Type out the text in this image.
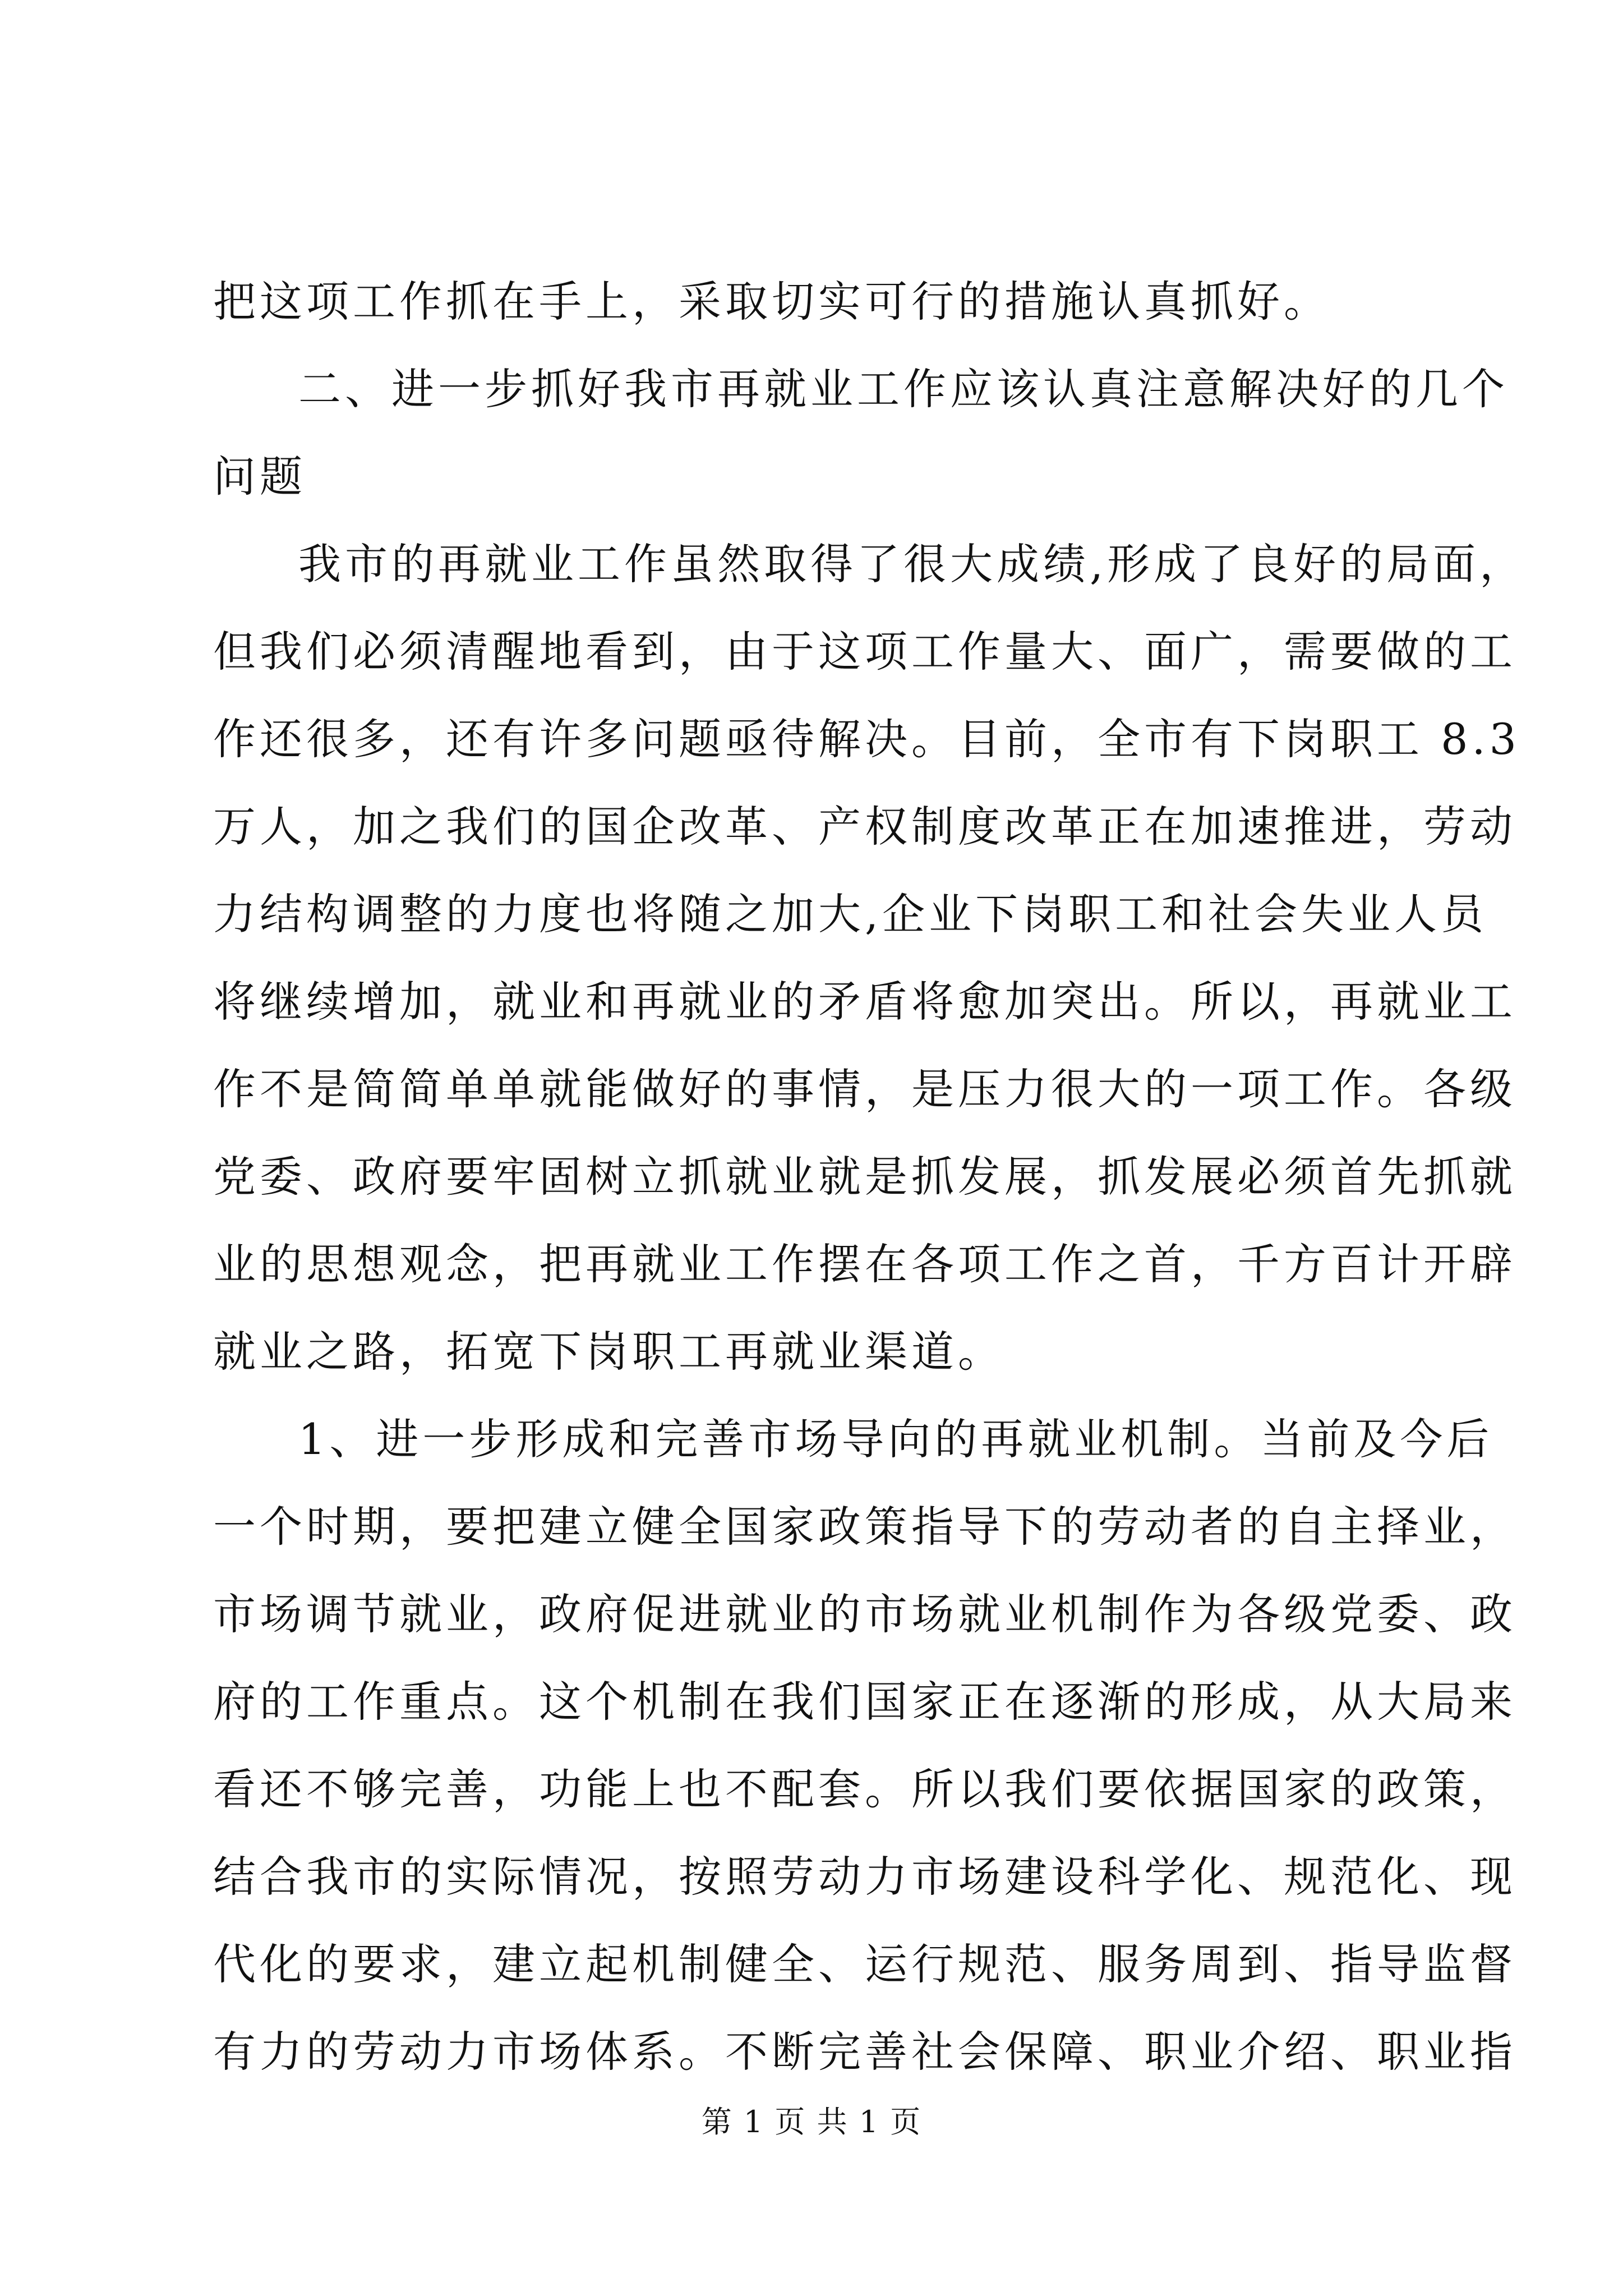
把这项工作抓在手上，采取切实可行的措施认真抓好。
二、进一步抓好我市再就业工作应该认真注意解决好的几个
问题
我市的再就业工作虽然取得了很大成绩,形成了良好的局面，
但我们必须清醒地看到，由于这项工作量大、面广，需要做的工
作还很多，还有许多问题亟待解决。目前，全市有下岗职工 8.3
万人，加之我们的国企改革、产权制度改革正在加速推进，劳动
力结构调整的力度也将随之加大,企业下岗职工和社会失业人员
将继续增加，就业和再就业的矛盾将愈加突出。所以，再就业工
作不是简简单单就能做好的事情，是压力很大的一项工作。各级
党委、政府要牢固树立抓就业就是抓发展，抓发展必须首先抓就
业的思想观念，把再就业工作摆在各项工作之首，千方百计开辟
就业之路，拓宽下岗职工再就业渠道。
1、进一步形成和完善市场导向的再就业机制。当前及今后
一个时期，要把建立健全国家政策指导下的劳动者的自主择业，
市场调节就业，政府促进就业的市场就业机制作为各级党委、政
府的工作重点。这个机制在我们国家正在逐渐的形成，从大局来
看还不够完善，功能上也不配套。所以我们要依据国家的政策，
结合我市的实际情况，按照劳动力市场建设科学化、规范化、现
代化的要求，建立起机制健全、运行规范、服务周到、指导监督
有力的劳动力市场体系。不断完善社会保障、职业介绍、职业指
第 1 页 共 1 页
